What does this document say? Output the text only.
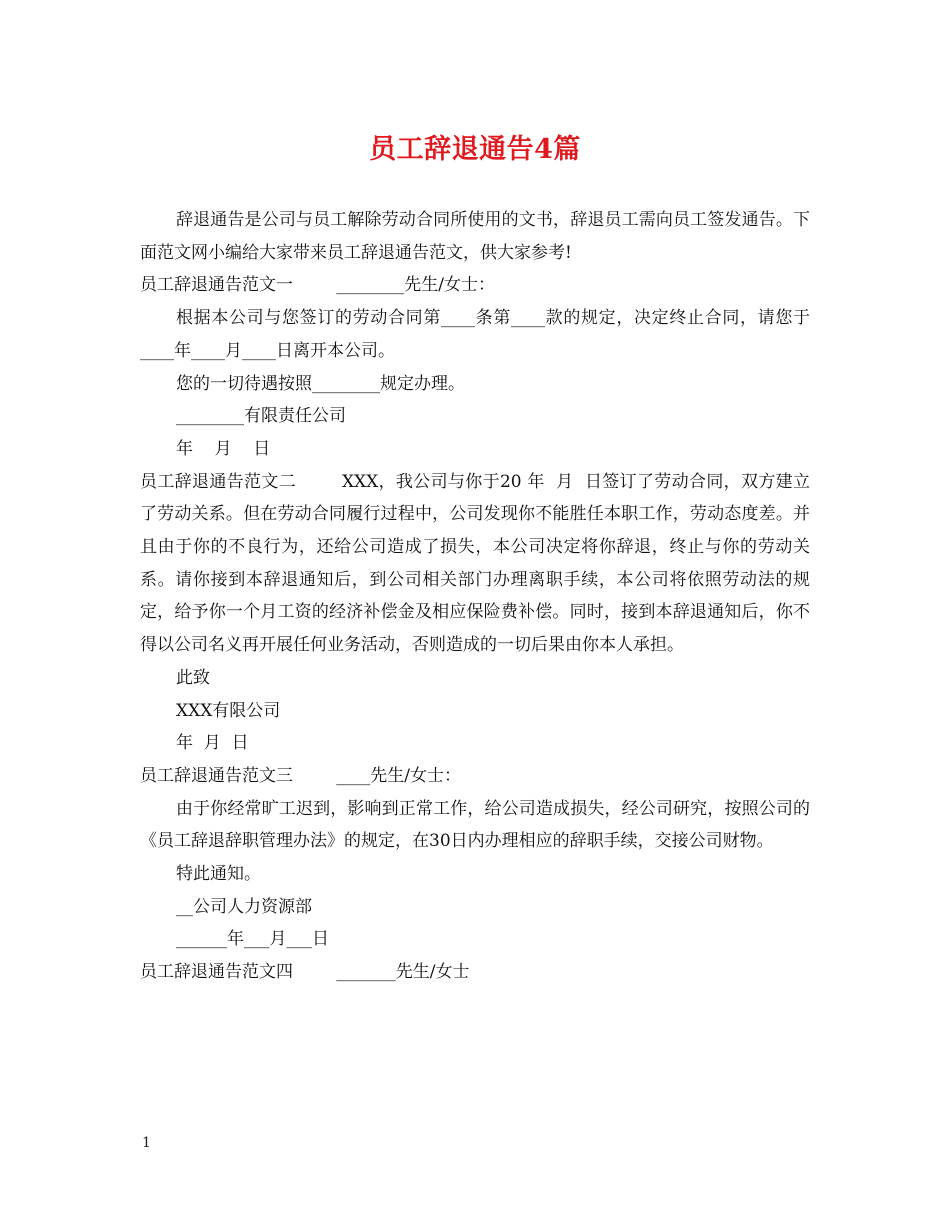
员工辞退通告4篇

辞退通告是公司与员工解除劳动合同所使用的文书，辞退员工需向员工签发通告。下面范文网小编给大家带来员工辞退通告范文，供大家参考!

员工辞退通告范文一        ________先生/女士：

根据本公司与您签订的劳动合同第____条第____款的规定，决定终止合同，请您于____年____月____日离开本公司。

您的一切待遇按照________规定办理。

________有限责任公司

年    月    日

员工辞退通告范文二        XXX，我公司与你于20 年  月  日签订了劳动合同，双方建立了劳动关系。但在劳动合同履行过程中，公司发现你不能胜任本职工作，劳动态度差。并且由于你的不良行为，还给公司造成了损失，本公司决定将你辞退，终止与你的劳动关系。请你接到本辞退通知后，到公司相关部门办理离职手续，本公司将依照劳动法的规定，给予你一个月工资的经济补偿金及相应保险费补偿。同时，接到本辞退通知后，你不得以公司名义再开展任何业务活动，否则造成的一切后果由你本人承担。

此致

XXX有限公司

年  月  日

员工辞退通告范文三        ____先生/女士：

由于你经常旷工迟到，影响到正常工作，给公司造成损失，经公司研究，按照公司的《员工辞退辞职管理办法》的规定，在30日内办理相应的辞职手续，交接公司财物。

特此通知。

__公司人力资源部

______年___月___日

员工辞退通告范文四        _______先生/女士

1
